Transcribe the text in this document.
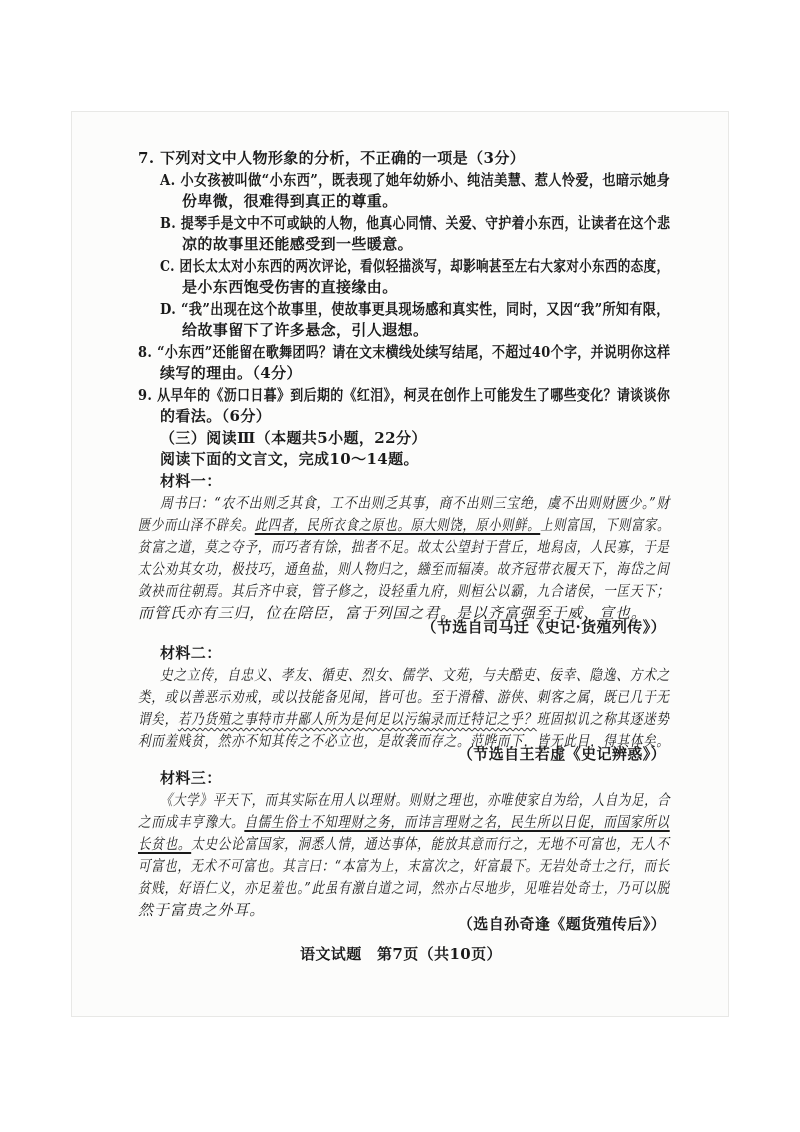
7. 下列对文中人物形象的分析，不正确的一项是（3分）
A. 小女孩被叫做“小东西”，既表现了她年幼娇小、纯洁美慧、惹人怜爱，也暗示她身
份卑微，很难得到真正的尊重。
B. 提琴手是文中不可或缺的人物，他真心同情、关爱、守护着小东西，让读者在这个悲
凉的故事里还能感受到一些暖意。
C. 团长太太对小东西的两次评论，看似轻描淡写，却影响甚至左右大家对小东西的态度，
是小东西饱受伤害的直接缘由。
D. “我”出现在这个故事里，使故事更具现场感和真实性，同时，又因“我”所知有限，
给故事留下了许多悬念，引人遐想。
8. “小东西”还能留在歌舞团吗？请在文末横线处续写结尾，不超过40个字，并说明你这样
续写的理由。（4分）
9. 从早年的《沥口日暮》到后期的《红泪》，柯灵在创作上可能发生了哪些变化？请谈谈你
的看法。（6分）
（三）阅读Ⅲ（本题共5小题，22分）
阅读下面的文言文，完成10～14题。
材料一：
周书曰：“农不出则乏其食，工不出则乏其事，商不出则三宝绝，虞不出则财匮少。”财
匮少而山泽不辟矣。此四者，民所衣食之原也。原大则饶，原小则鲜。上则富国，下则富家。
贫富之道，莫之夺予，而巧者有馀，拙者不足。故太公望封于营丘，地舄卤，人民寡，于是
太公劝其女功，极技巧，通鱼盐，则人物归之，繈至而辐凑。故齐冠带衣履天下，海岱之间
敛袂而往朝焉。其后齐中衰，管子修之，设轻重九府，则桓公以霸，九合诸侯，一匡天下；
而管氏亦有三归，位在陪臣，富于列国之君。是以齐富强至于威、宣也。
（节选自司马迁《史记·货殖列传》）
材料二：
史之立传，自忠义、孝友、循吏、烈女、儒学、文苑，与夫酷吏、佞幸、隐逸、方术之
类，或以善恶示劝戒，或以技能备见闻，皆可也。至于滑稽、游侠、刺客之属，既已几于无
谓矣，若乃货殖之事特市井鄙人所为是何足以污编录而迁特记之乎？班固拟讥之称其逐迷势
利而羞贱贫，然亦不知其传之不必立也，是故袭而存之。范晔而下，皆无此目，得其体矣。
（节选自王若虚《史记辨惑》）
材料三：
《大学》平天下，而其实际在用人以理财。则财之理也，亦唯使家自为给，人自为足，合
之而成丰亨豫大。自儒生俗士不知理财之务，而讳言理财之名，民生所以日促，而国家所以
长贫也。太史公论富国家，洞悉人情，通达事体，能放其意而行之，无地不可富也，无人不
可富也，无术不可富也。其言曰：“本富为上，末富次之，奸富最下。无岩处奇士之行，而长
贫贱，好语仁义，亦足羞也。”此虽有激自道之词，然亦占尽地步，见唯岩处奇士，乃可以脱
然于富贵之外耳。
（选自孙奇逢《题货殖传后》）
语文试题　第7页（共10页）
